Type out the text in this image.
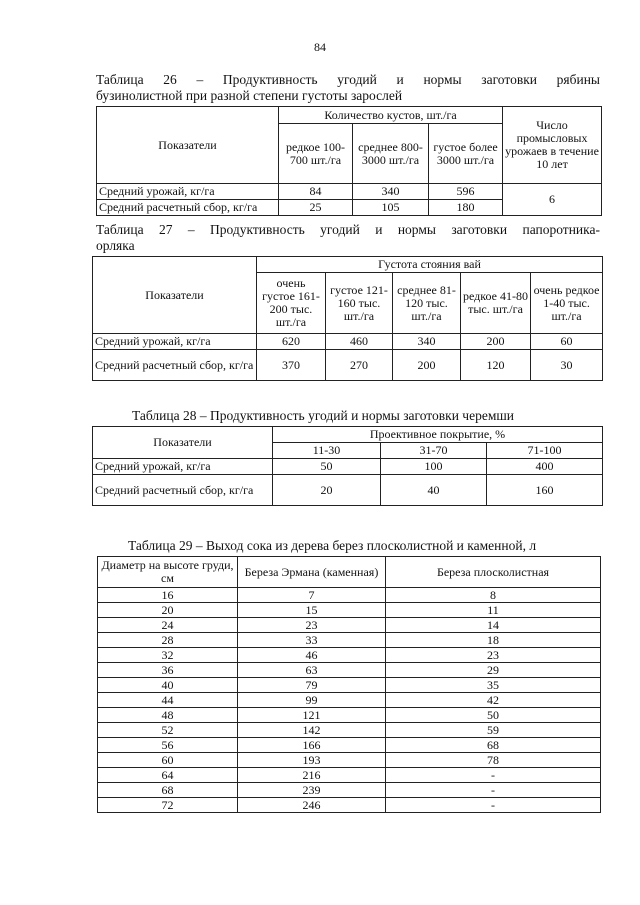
84
Таблица 26 – Продуктивность угодий и нормы заготовки рябины
бузинолистной при разной степени густоты зарослей
Показатели	Количество кустов, шт./га			Число промысловых урожаев в течение 10 лет
	редкое 100-700 шт./га	среднее 800-3000 шт./га	густое более 3000 шт./га	
Средний урожай, кг/га	84	340	596	6
Средний расчетный сбор, кг/га	25	105	180	
Таблица 27 – Продуктивность угодий и нормы заготовки папоротника-
орляка
Показатели	Густота стояния вай				
	очень густое 161-200 тыс. шт./га	густое 121-160 тыс. шт./га	среднее 81-120 тыс. шт./га	редкое 41-80 тыс. шт./га	очень редкое 1-40 тыс. шт./га
Средний урожай, кг/га	620	460	340	200	60
Средний расчетный сбор, кг/га	370	270	200	120	30
Таблица 28 – Продуктивность угодий и нормы заготовки черемши
Показатели	Проективное покрытие, %		
	11-30	31-70	71-100
Средний урожай, кг/га	50	100	400
Средний расчетный сбор, кг/га	20	40	160
Таблица 29 – Выход сока из дерева берез плосколистной и каменной, л
Диаметр на высоте груди, см	Береза Эрмана (каменная)	Береза плосколистная
16	7	8
20	15	11
24	23	14
28	33	18
32	46	23
36	63	29
40	79	35
44	99	42
48	121	50
52	142	59
56	166	68
60	193	78
64	216	-
68	239	-
72	246	-
